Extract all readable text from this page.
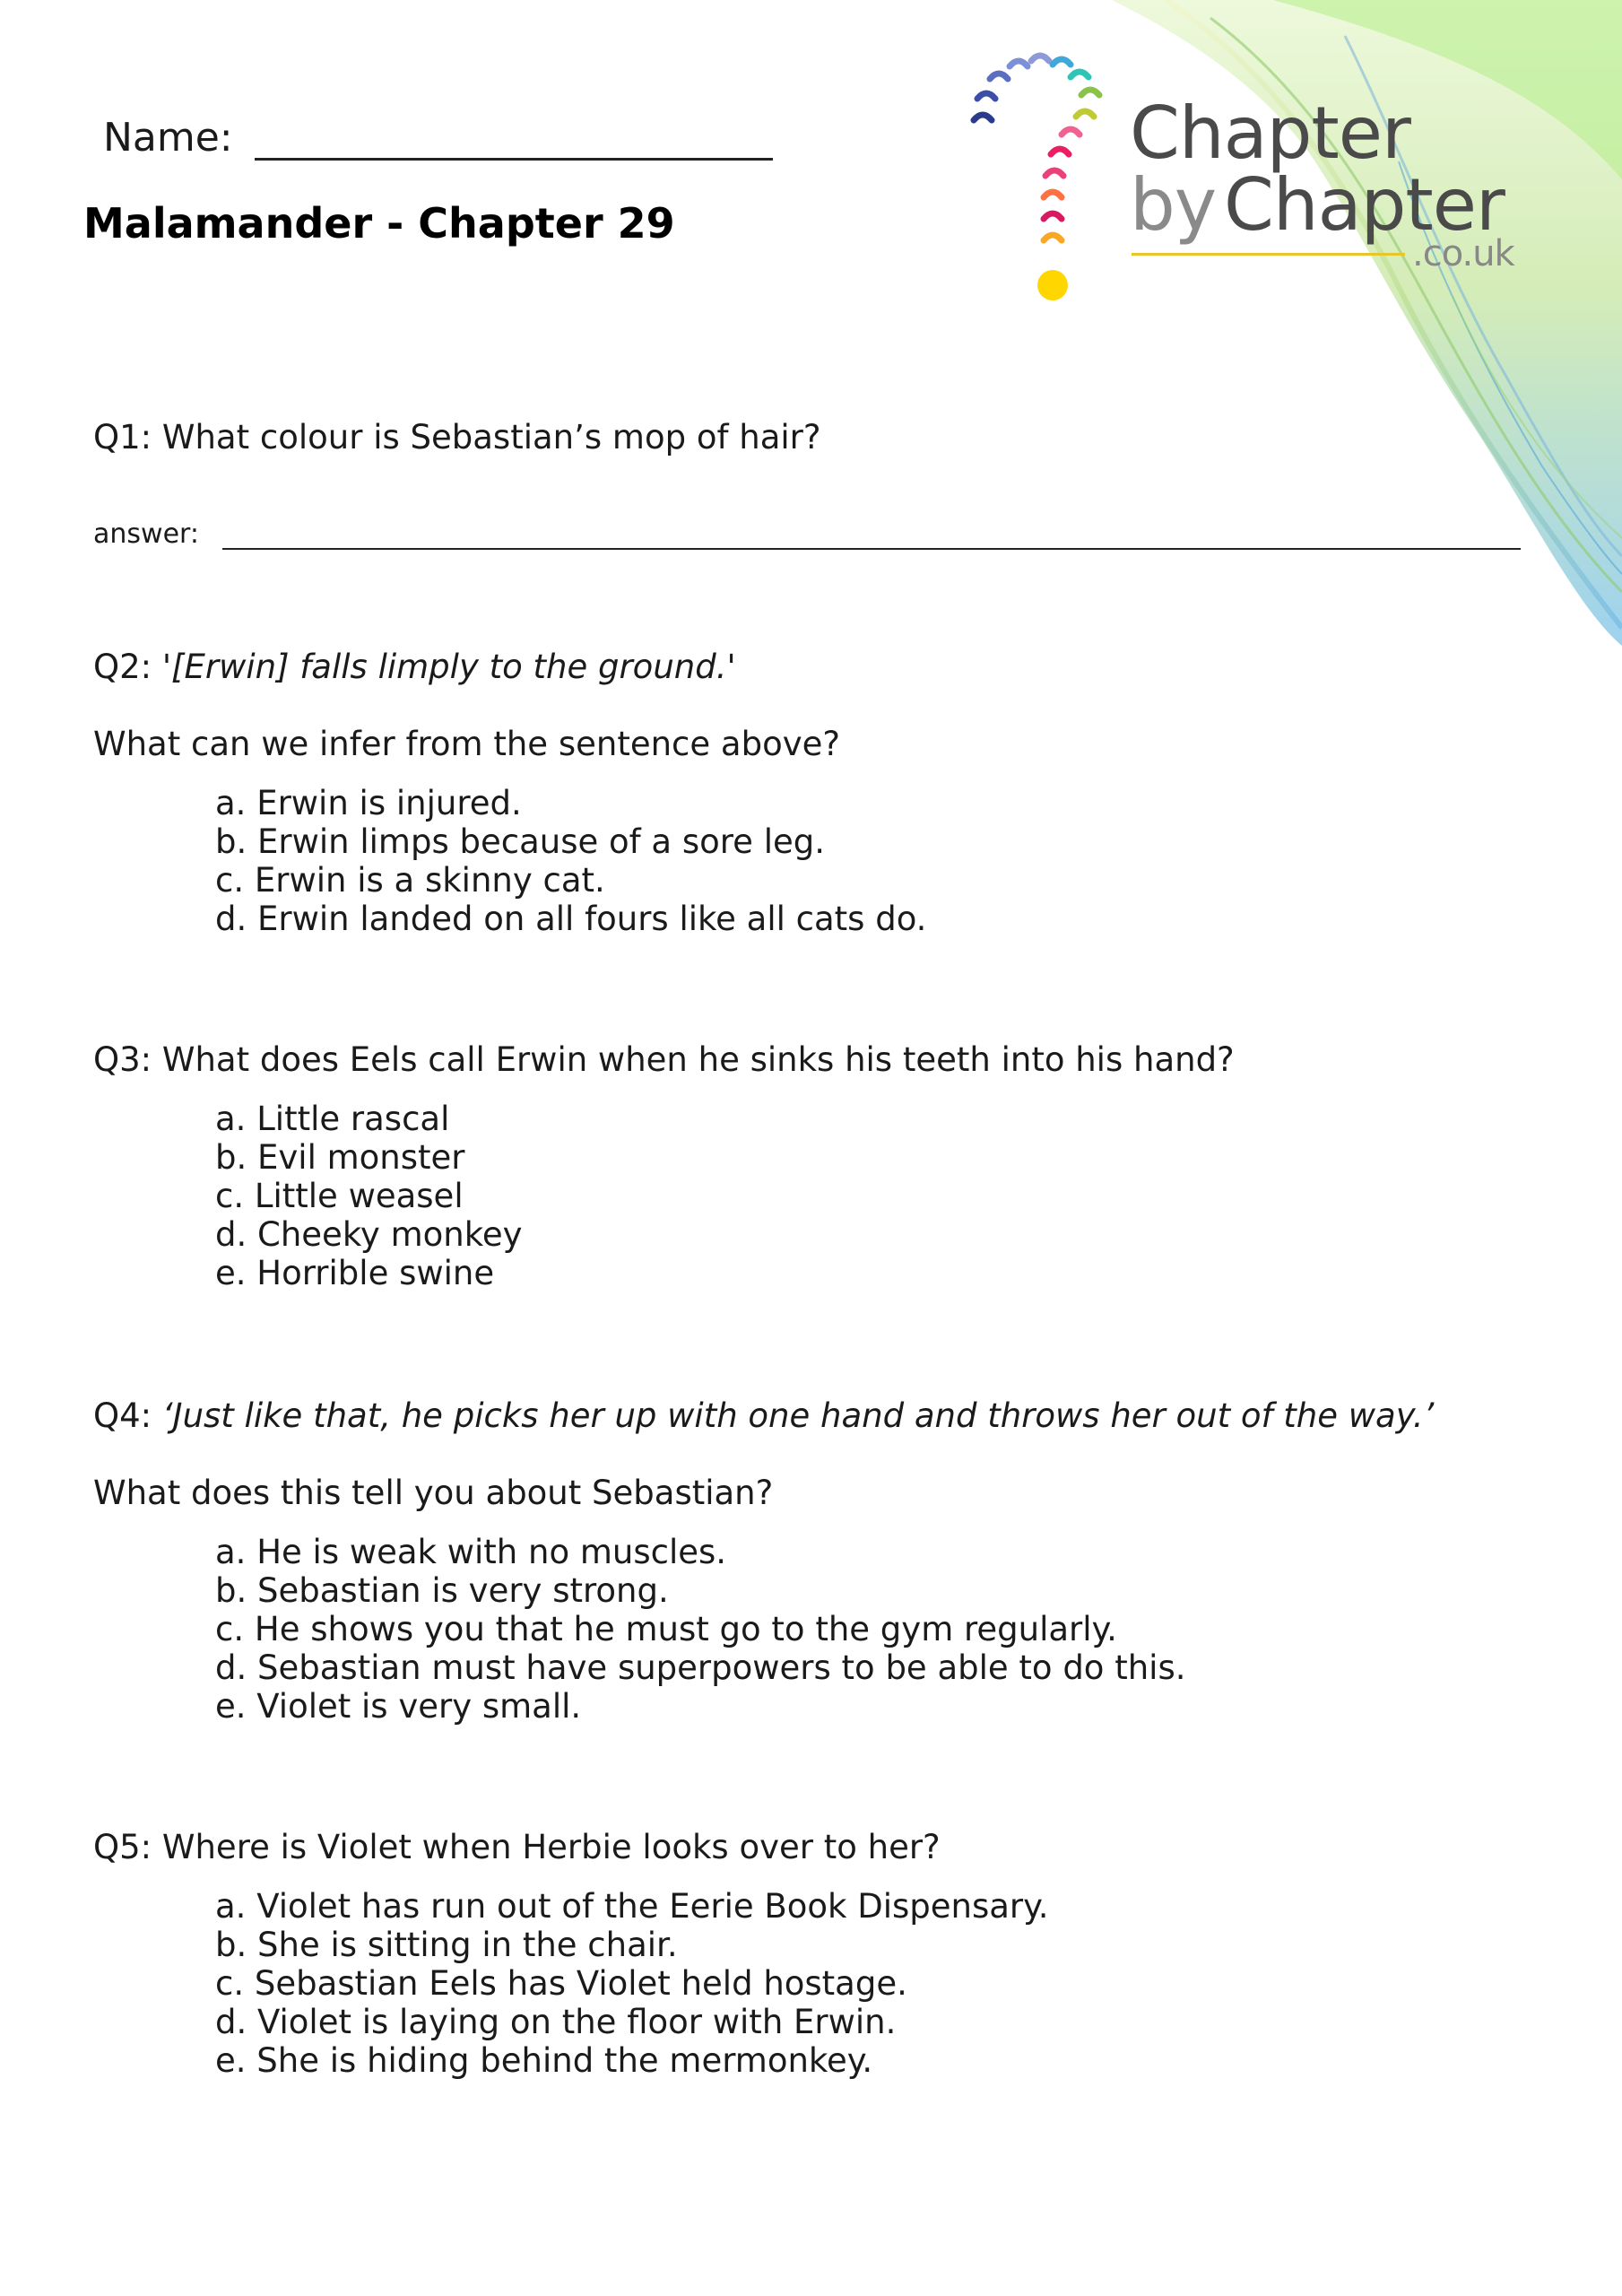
Name:
Malamander - Chapter 29
Chapter
by Chapter
.co.uk
Q1: What colour is Sebastian’s mop of hair?
answer:
Q2: '[Erwin] falls limply to the ground.'
What can we infer from the sentence above?
a. Erwin is injured.
b. Erwin limps because of a sore leg.
c. Erwin is a skinny cat.
d. Erwin landed on all fours like all cats do.
Q3: What does Eels call Erwin when he sinks his teeth into his hand?
a. Little rascal
b. Evil monster
c. Little weasel
d. Cheeky monkey
e. Horrible swine
Q4: ‘Just like that, he picks her up with one hand and throws her out of the way.’
What does this tell you about Sebastian?
a. He is weak with no muscles.
b. Sebastian is very strong.
c. He shows you that he must go to the gym regularly.
d. Sebastian must have superpowers to be able to do this.
e. Violet is very small.
Q5: Where is Violet when Herbie looks over to her?
a. Violet has run out of the Eerie Book Dispensary.
b. She is sitting in the chair.
c. Sebastian Eels has Violet held hostage.
d. Violet is laying on the floor with Erwin.
e. She is hiding behind the mermonkey.
